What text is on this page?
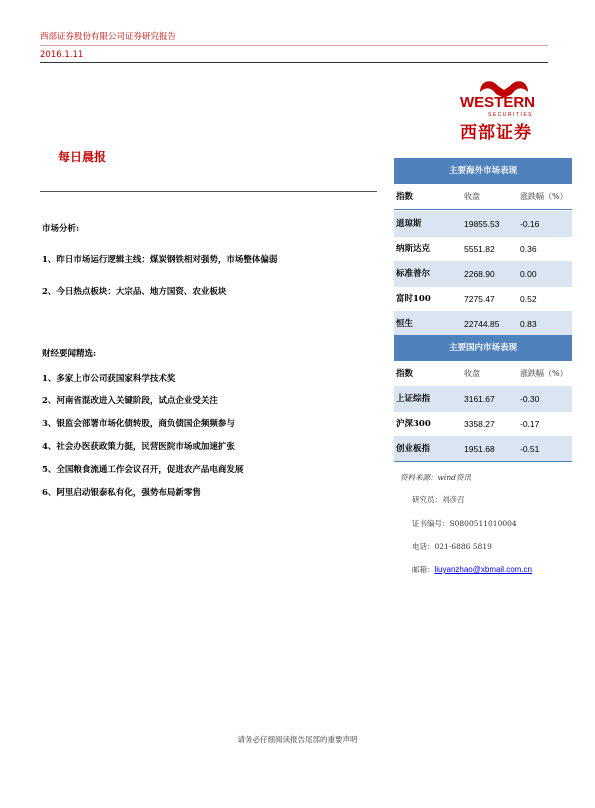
西部证券股份有限公司证券研究报告
2016.1.11
WESTERN
SECURITIES
西部证券
每日晨报
市场分析:
1、昨日市场运行逻辑主线：煤炭钢铁相对强势，市场整体偏弱
2、今日热点板块：大宗品、地方国资、农业板块
财经要闻精选:
1、多家上市公司获国家科学技术奖
2、河南省混改进入关键阶段，试点企业受关注
3、银监会部署市场化债转股，商负债国企频频参与
4、社会办医获政策力挺，民营医院市场或加速扩张
5、全国粮食流通工作会议召开，促进农产品电商发展
6、阿里启动银泰私有化，强势布局新零售
主要海外市场表现
指数	收盘	涨跌幅（%）
道琼斯	19855.53 -0.16
纳斯达克	5551.82	0.36
标准普尔	2268.90	0.00
富时100	7275.47	0.52
恒生	22744.85 0.83
主要国内市场表现
指数	收盘	涨跌幅（%）
上证综指	3161.67	-0.30
沪深300	3358.27	-0.17
创业板指	1951.68	-0.51
资料来源：wind资讯
研究员：刘彦召
证书编号：S0800511010004
电话：021-6886 5819
邮箱：liuyanzhao@xbmail.com.cn
请务必仔细阅读报告尾部的重要声明
